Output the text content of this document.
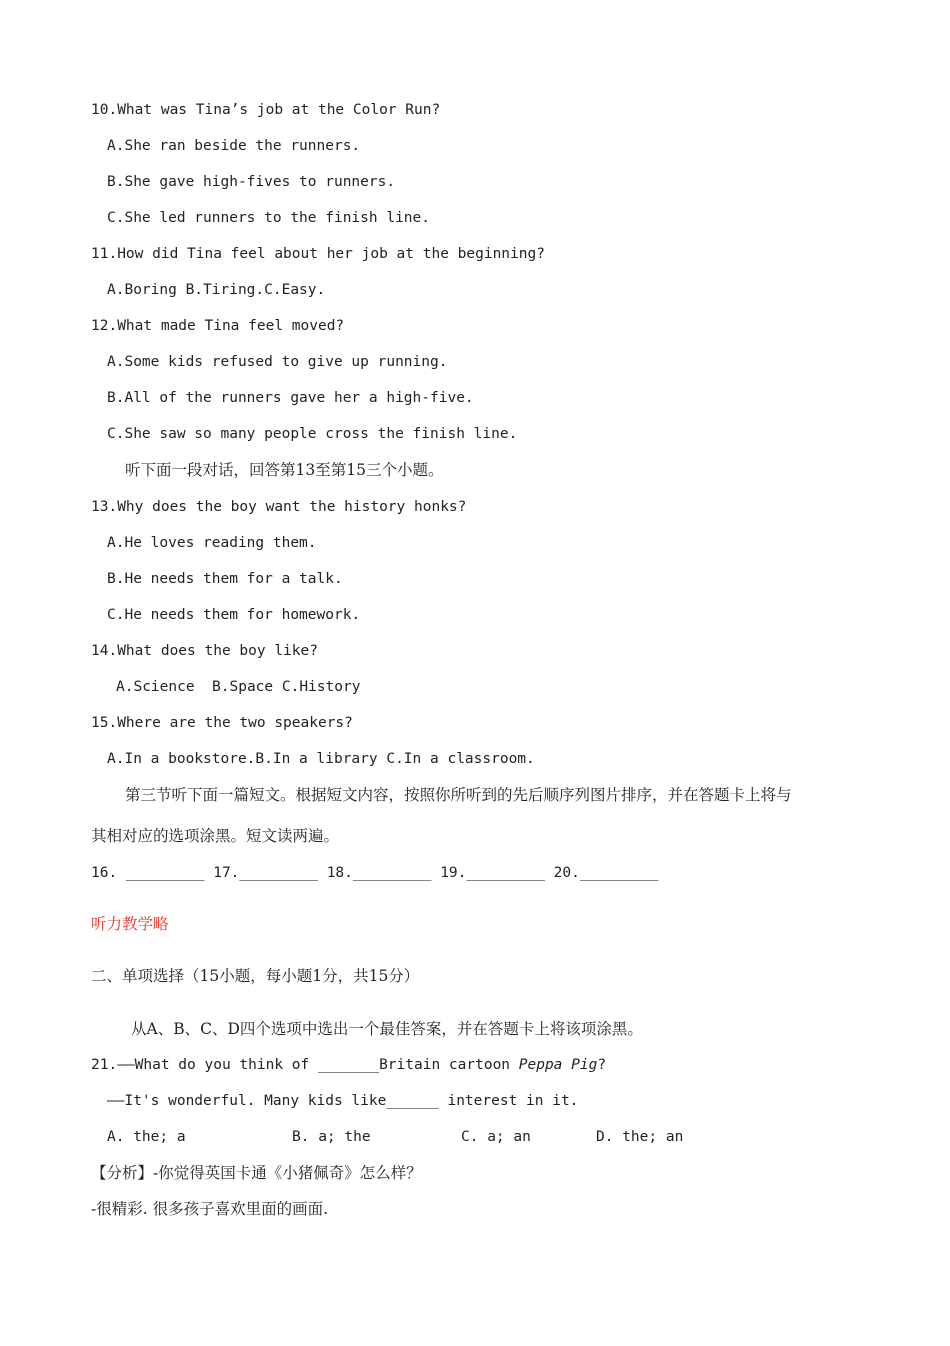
10.What was Tina’s job at the Color Run?
A.She ran beside the runners.
B.She gave high-fives to runners.
C.She led runners to the finish line.
11.How did Tina feel about her job at the beginning?
A.Boring B.Tiring.C.Easy.
12.What made Tina feel moved?
A.Some kids refused to give up running.
B.All of the runners gave her a high-five.
C.She saw so many people cross the finish line.
听下面一段对话，回答第13至第15三个小题。
13.Why does the boy want the history honks?
A.He loves reading them.
B.He needs them for a talk.
C.He needs them for homework.
14.What does the boy like?
A.Science  B.Space C.History
15.Where are the two speakers?
A.In a bookstore.B.In a library C.In a classroom.
第三节听下面一篇短文。根据短文内容，按照你所听到的先后顺序列图片排序，并在答题卡上将与
其相对应的选项涂黑。短文读两遍。
16. _________ 17._________ 18._________ 19._________ 20._________
听力教学略
二、单项选择（15小题，每小题1分，共15分）
从A、B、C、D四个选项中选出一个最佳答案，并在答题卡上将该项涂黑。
21.——What do you think of _______Britain cartoon Peppa Pig?
——It's wonderful. Many kids like______ interest in it.
A. the; a	B. a; the	C. a; an	D. the; an
【分析】-你觉得英国卡通《小猪佩奇》怎么样？
-很精彩. 很多孩子喜欢里面的画面.
